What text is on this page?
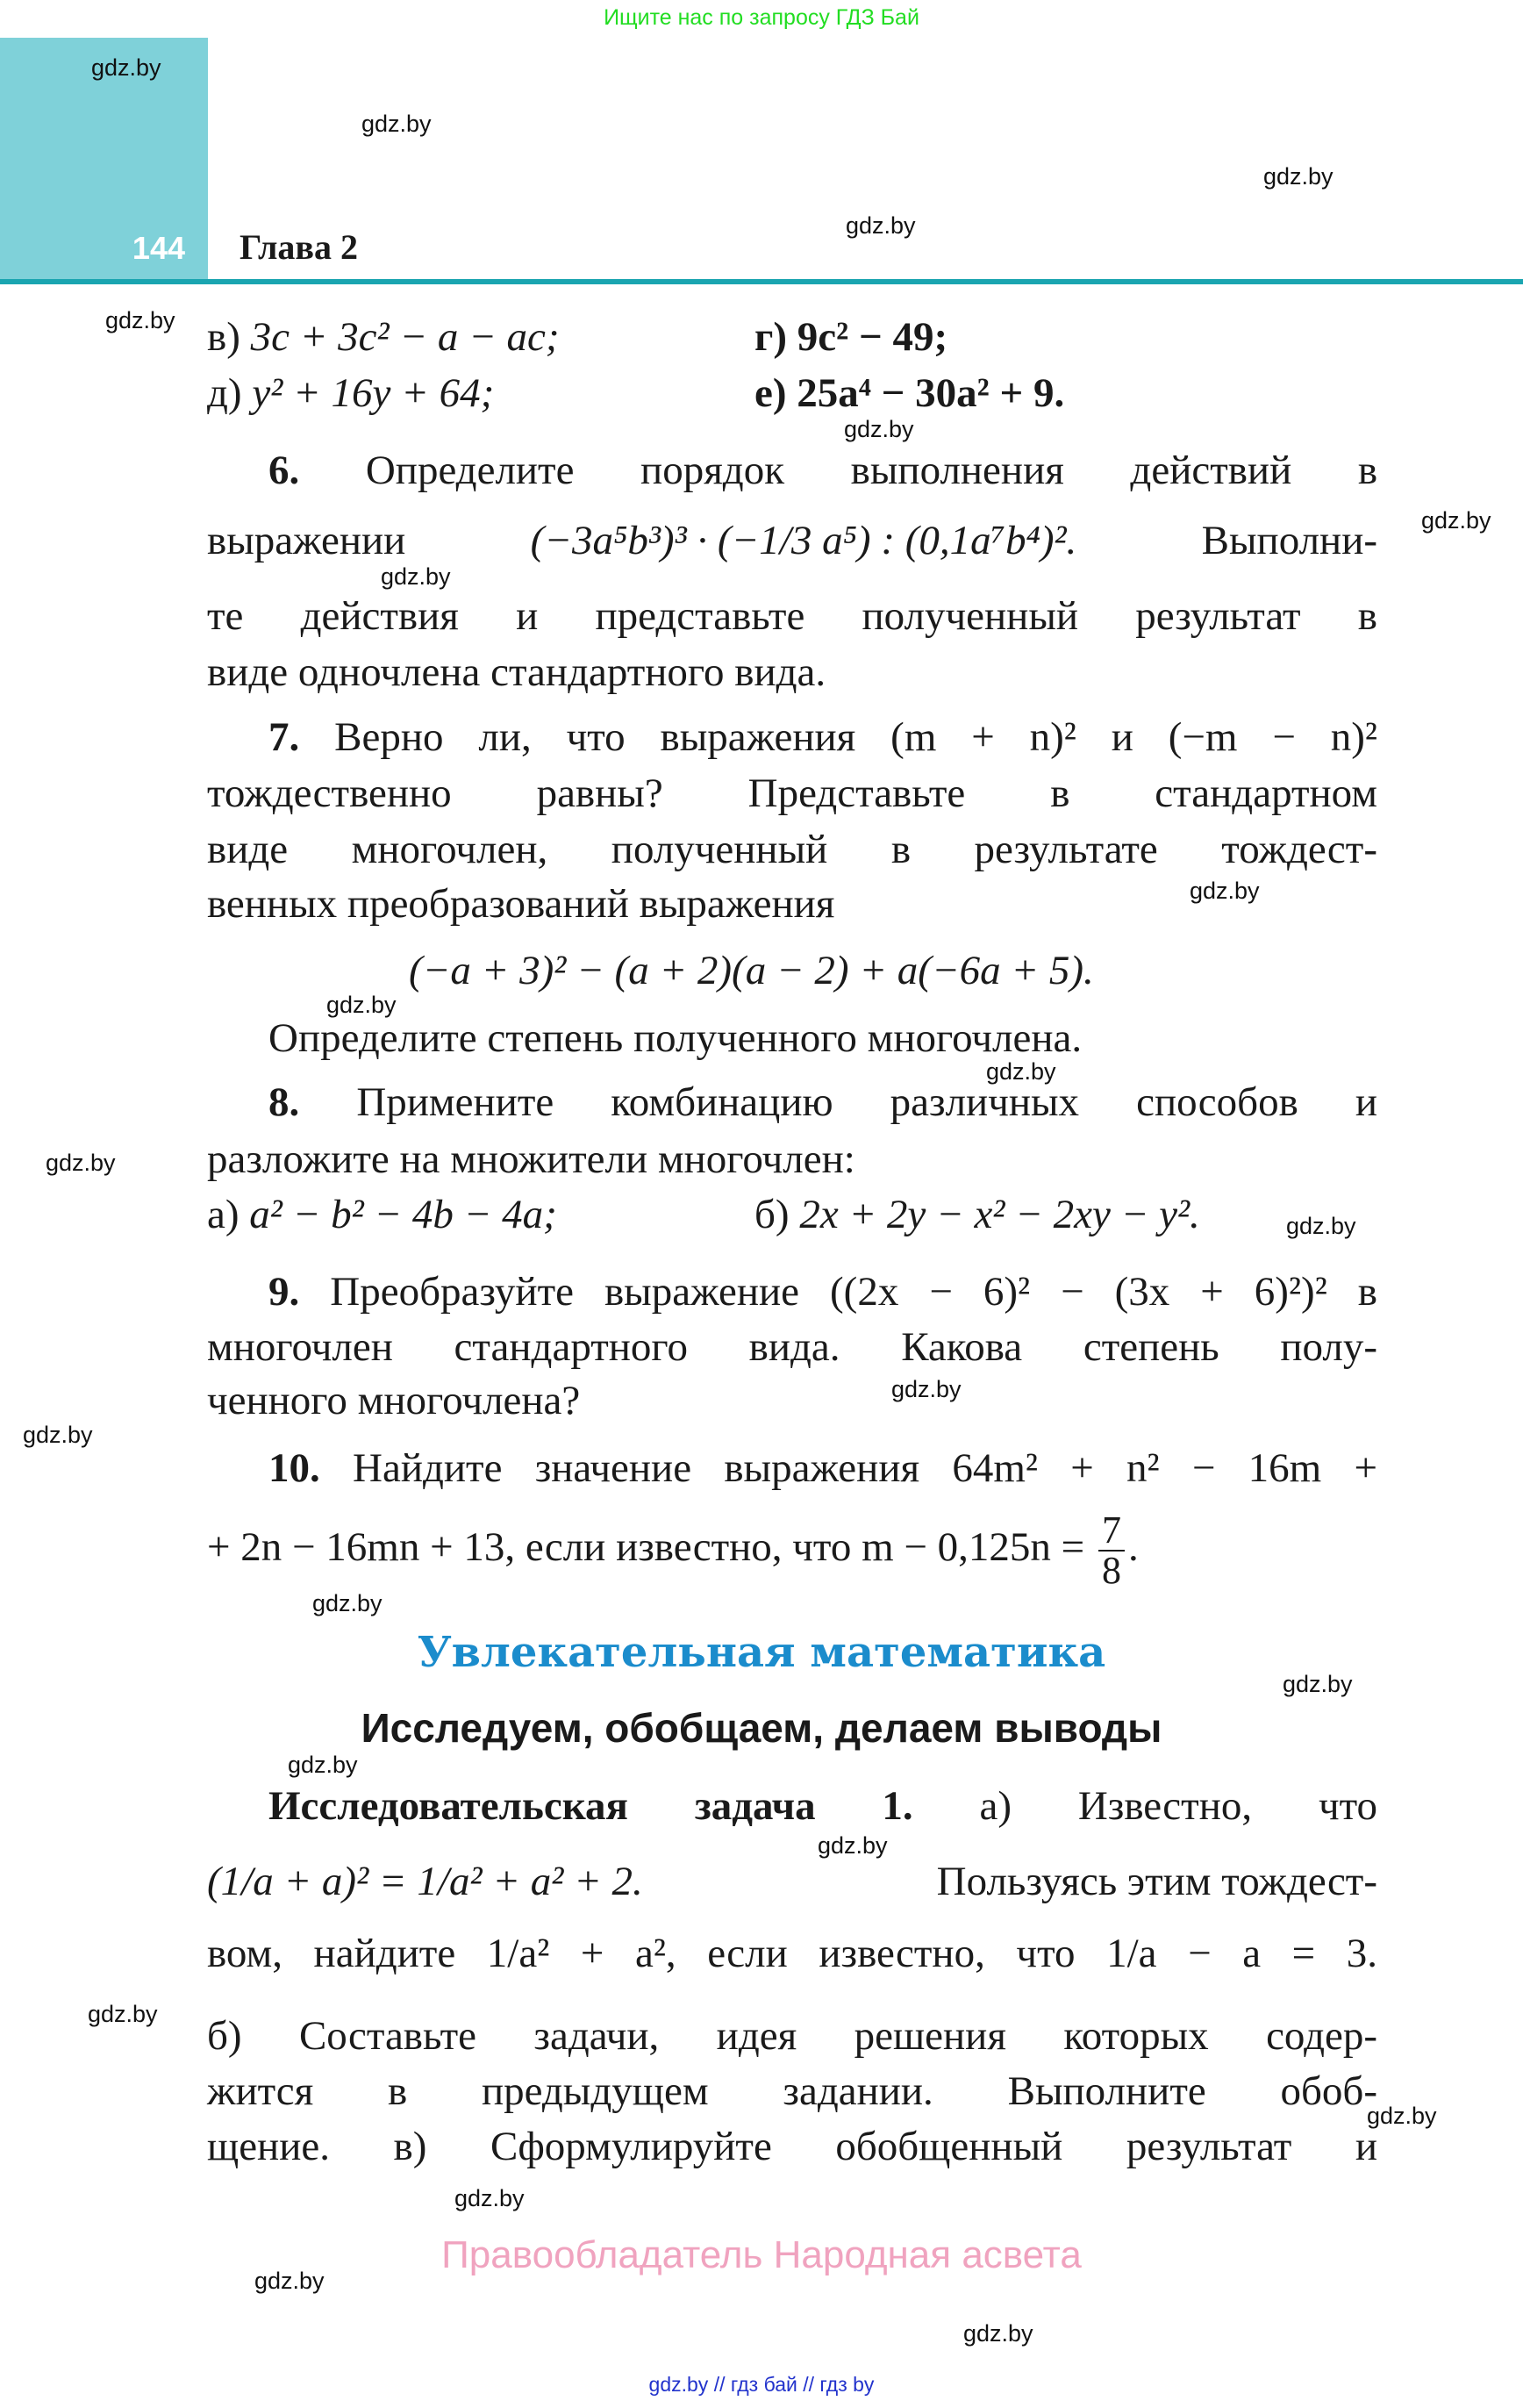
Ищите нас по запросу ГДЗ Бай
144 Глава 2
gdz.by
gdz.by
gdz.by
gdz.by
gdz.by
gdz.by
gdz.by
gdz.by
gdz.by
gdz.by
gdz.by
gdz.by
gdz.by
gdz.by
gdz.by
gdz.by
gdz.by
gdz.by
gdz.by
gdz.by
gdz.by
gdz.by
gdz.by
gdz.by
в) 3c + 3c² − a − ac;	г) 9c² − 49;
д) y² + 16y + 64;	е) 25a⁴ − 30a² + 9.
6. Определите порядок выполнения действий в
выражении	(−3a⁵b³)³ · (−1/3 a⁵) : (0,1a⁷b⁴)².	Выполни-
те действия и представьте полученный результат в
виде одночлена стандартного вида.
7. Верно ли, что выражения (m + n)² и (−m − n)²
тождественно равны? Представьте в стандартном
виде многочлен, полученный в результате тождест-
венных преобразований выражения
(−a + 3)² − (a + 2)(a − 2) + a(−6a + 5).
Определите степень полученного многочлена.
8. Примените комбинацию различных способов и
разложите на множители многочлен:
а) a² − b² − 4b − 4a;	б) 2x + 2y − x² − 2xy − y².
9. Преобразуйте выражение ((2x − 6)² − (3x + 6)²)² в
многочлен стандартного вида. Какова степень полу-
ченного многочлена?
10. Найдите значение выражения 64m² + n² − 16m +
+ 2n − 16mn + 13, если известно, что $m - 0,125n = \frac{7}{8}$ .
Увлекательная математика
Исследуем, обобщаем, делаем выводы
Исследовательская задача 1. а) Известно, что
(1/a + a)² = 1/a² + a² + 2.	Пользуясь этим тождест-
вом, найдите 1/a² + a², если известно, что 1/a − a = 3.
б) Составьте задачи, идея решения которых содер-
жится в предыдущем задании. Выполните обоб-
щение. в) Сформулируйте обобщенный результат и
Правообладатель Народная асвета
gdz.by // гдз бай // гдз by
